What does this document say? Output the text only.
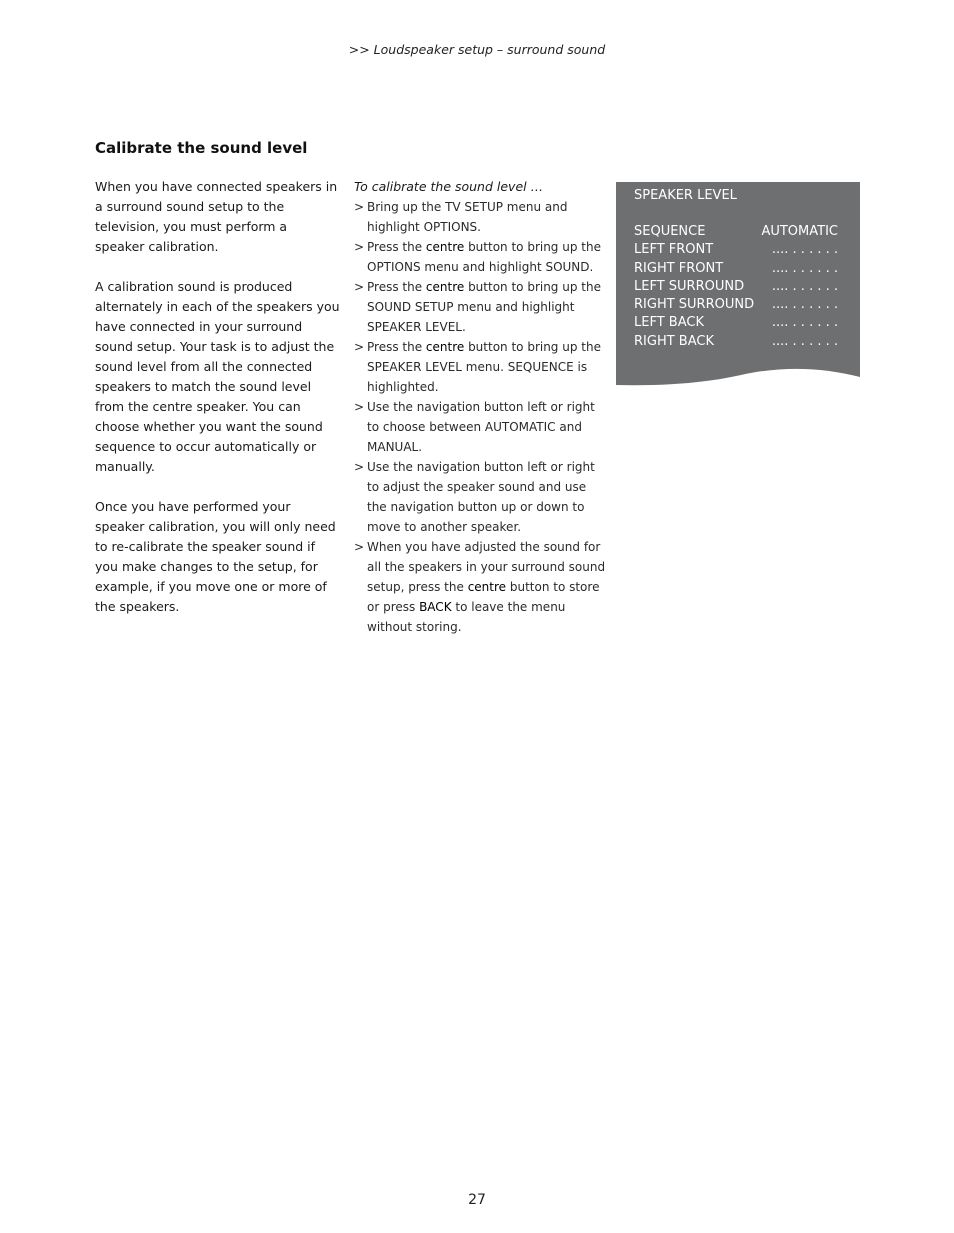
>> Loudspeaker setup – surround sound
Calibrate the sound level

When you have connected speakers in a surround sound setup to the television, you must perform a speaker calibration.

A calibration sound is produced alternately in each of the speakers you have connected in your surround sound setup. Your task is to adjust the sound level from all the connected speakers to match the sound level from the centre speaker. You can choose whether you want the sound sequence to occur automatically or manually.

Once you have performed your speaker calibration, you will only need to re-calibrate the speaker sound if you make changes to the setup, for example, if you move one or more of the speakers.

To calibrate the sound level …
> Bring up the TV SETUP menu and highlight OPTIONS.
> Press the centre button to bring up the OPTIONS menu and highlight SOUND.
> Press the centre button to bring up the SOUND SETUP menu and highlight SPEAKER LEVEL.
> Press the centre button to bring up the SPEAKER LEVEL menu. SEQUENCE is highlighted.
> Use the navigation button left or right to choose between AUTOMATIC and MANUAL.
> Use the navigation button left or right to adjust the speaker sound and use the navigation button up or down to move to another speaker.
> When you have adjusted the sound for all the speakers in your surround sound setup, press the centre button to store or press BACK to leave the menu without storing.
SPEAKER LEVEL
SEQUENCE	AUTOMATIC
LEFT FRONT	.... . . . . . .
RIGHT FRONT	.... . . . . . .
LEFT SURROUND .... . . . . . .
RIGHT SURROUND .... . . . . . .
LEFT BACK	.... . . . . . .
RIGHT BACK	.... . . . . . .
27
